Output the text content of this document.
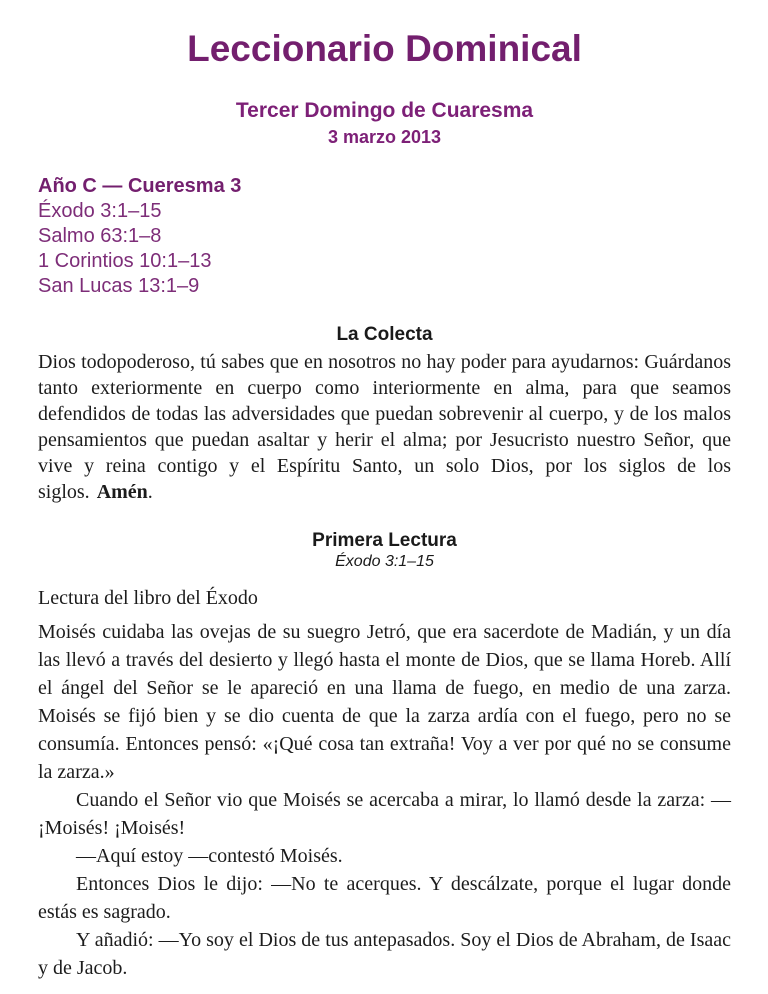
Leccionario Dominical
Tercer Domingo de Cuaresma
3 marzo 2013
Año C — Cueresma 3
Éxodo 3:1–15
Salmo 63:1–8
1 Corintios 10:1–13
San Lucas 13:1–9
La Colecta
Dios todopoderoso, tú sabes que en nosotros no hay poder para ayudarnos: Guárdanos tanto exteriormente en cuerpo como interiormente en alma, para que seamos defendidos de todas las adversidades que puedan sobrevenir al cuerpo, y de los malos pensamientos que puedan asaltar y herir el alma; por Jesucristo nuestro Señor, que vive y reina contigo y el Espíritu Santo, un solo Dios, por los siglos de los siglos. Amén.
Primera Lectura
Éxodo 3:1–15
Lectura del libro del Éxodo

Moisés cuidaba las ovejas de su suegro Jetró, que era sacerdote de Madián, y un día las llevó a través del desierto y llegó hasta el monte de Dios, que se llama Horeb. Allí el ángel del Señor se le apareció en una llama de fuego, en medio de una zarza. Moisés se fijó bien y se dio cuenta de que la zarza ardía con el fuego, pero no se consumía. Entonces pensó: «¡Qué cosa tan extraña! Voy a ver por qué no se consume la zarza.»

Cuando el Señor vio que Moisés se acercaba a mirar, lo llamó desde la zarza: —¡Moisés! ¡Moisés!

—Aquí estoy —contestó Moisés.

Entonces Dios le dijo: —No te acerques. Y descálzate, porque el lugar donde estás es sagrado.

Y añadió: —Yo soy el Dios de tus antepasados. Soy el Dios de Abraham, de Isaac y de Jacob.
